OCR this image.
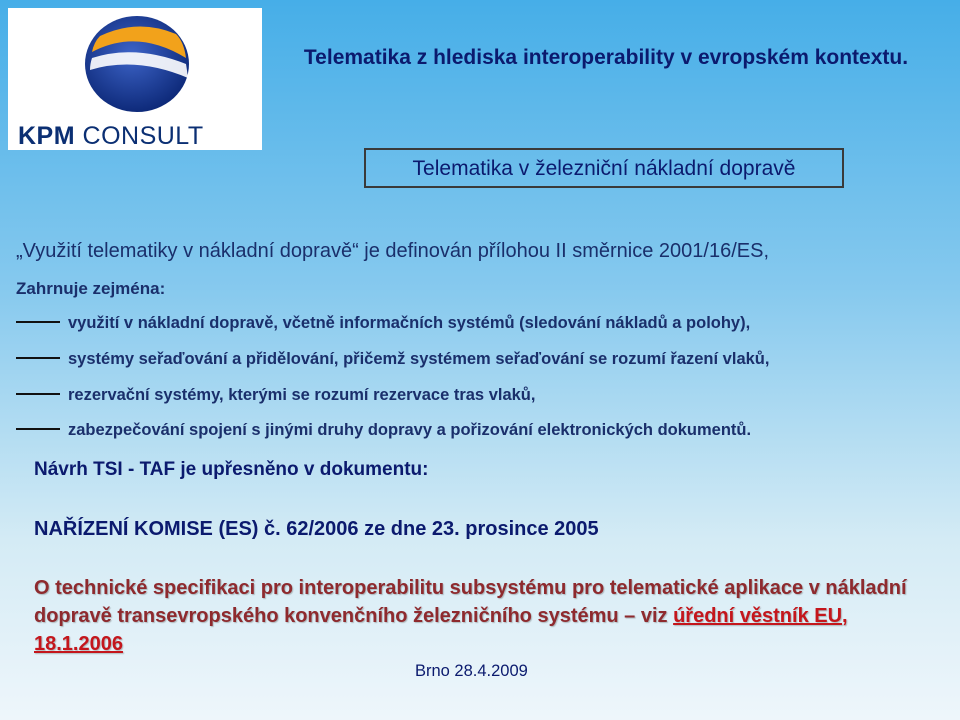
KPM CONSULT
Telematika z hlediska interoperability v evropském kontextu.
Telematika v železniční nákladní dopravě
„Využití telematiky v nákladní dopravě“ je definován přílohou II směrnice 2001/16/ES,
Zahrnuje zejména:
využití v nákladní dopravě, včetně informačních systémů (sledování nákladů a polohy),
systémy seřaďování a přidělování, přičemž systémem seřaďování se rozumí řazení vlaků,
rezervační systémy, kterými se rozumí rezervace tras vlaků,
zabezpečování spojení s jinými druhy dopravy a pořizování elektronických dokumentů.
Návrh TSI - TAF je upřesněno v dokumentu:
NAŘÍZENÍ KOMISE (ES) č. 62/2006 ze dne 23. prosince 2005
O technické specifikaci pro interoperabilitu subsystému pro telematické aplikace v nákladní dopravě transevropského konvenčního železničního systému – viz úřední věstník EU, 18.1.2006
Brno 28.4.2009
